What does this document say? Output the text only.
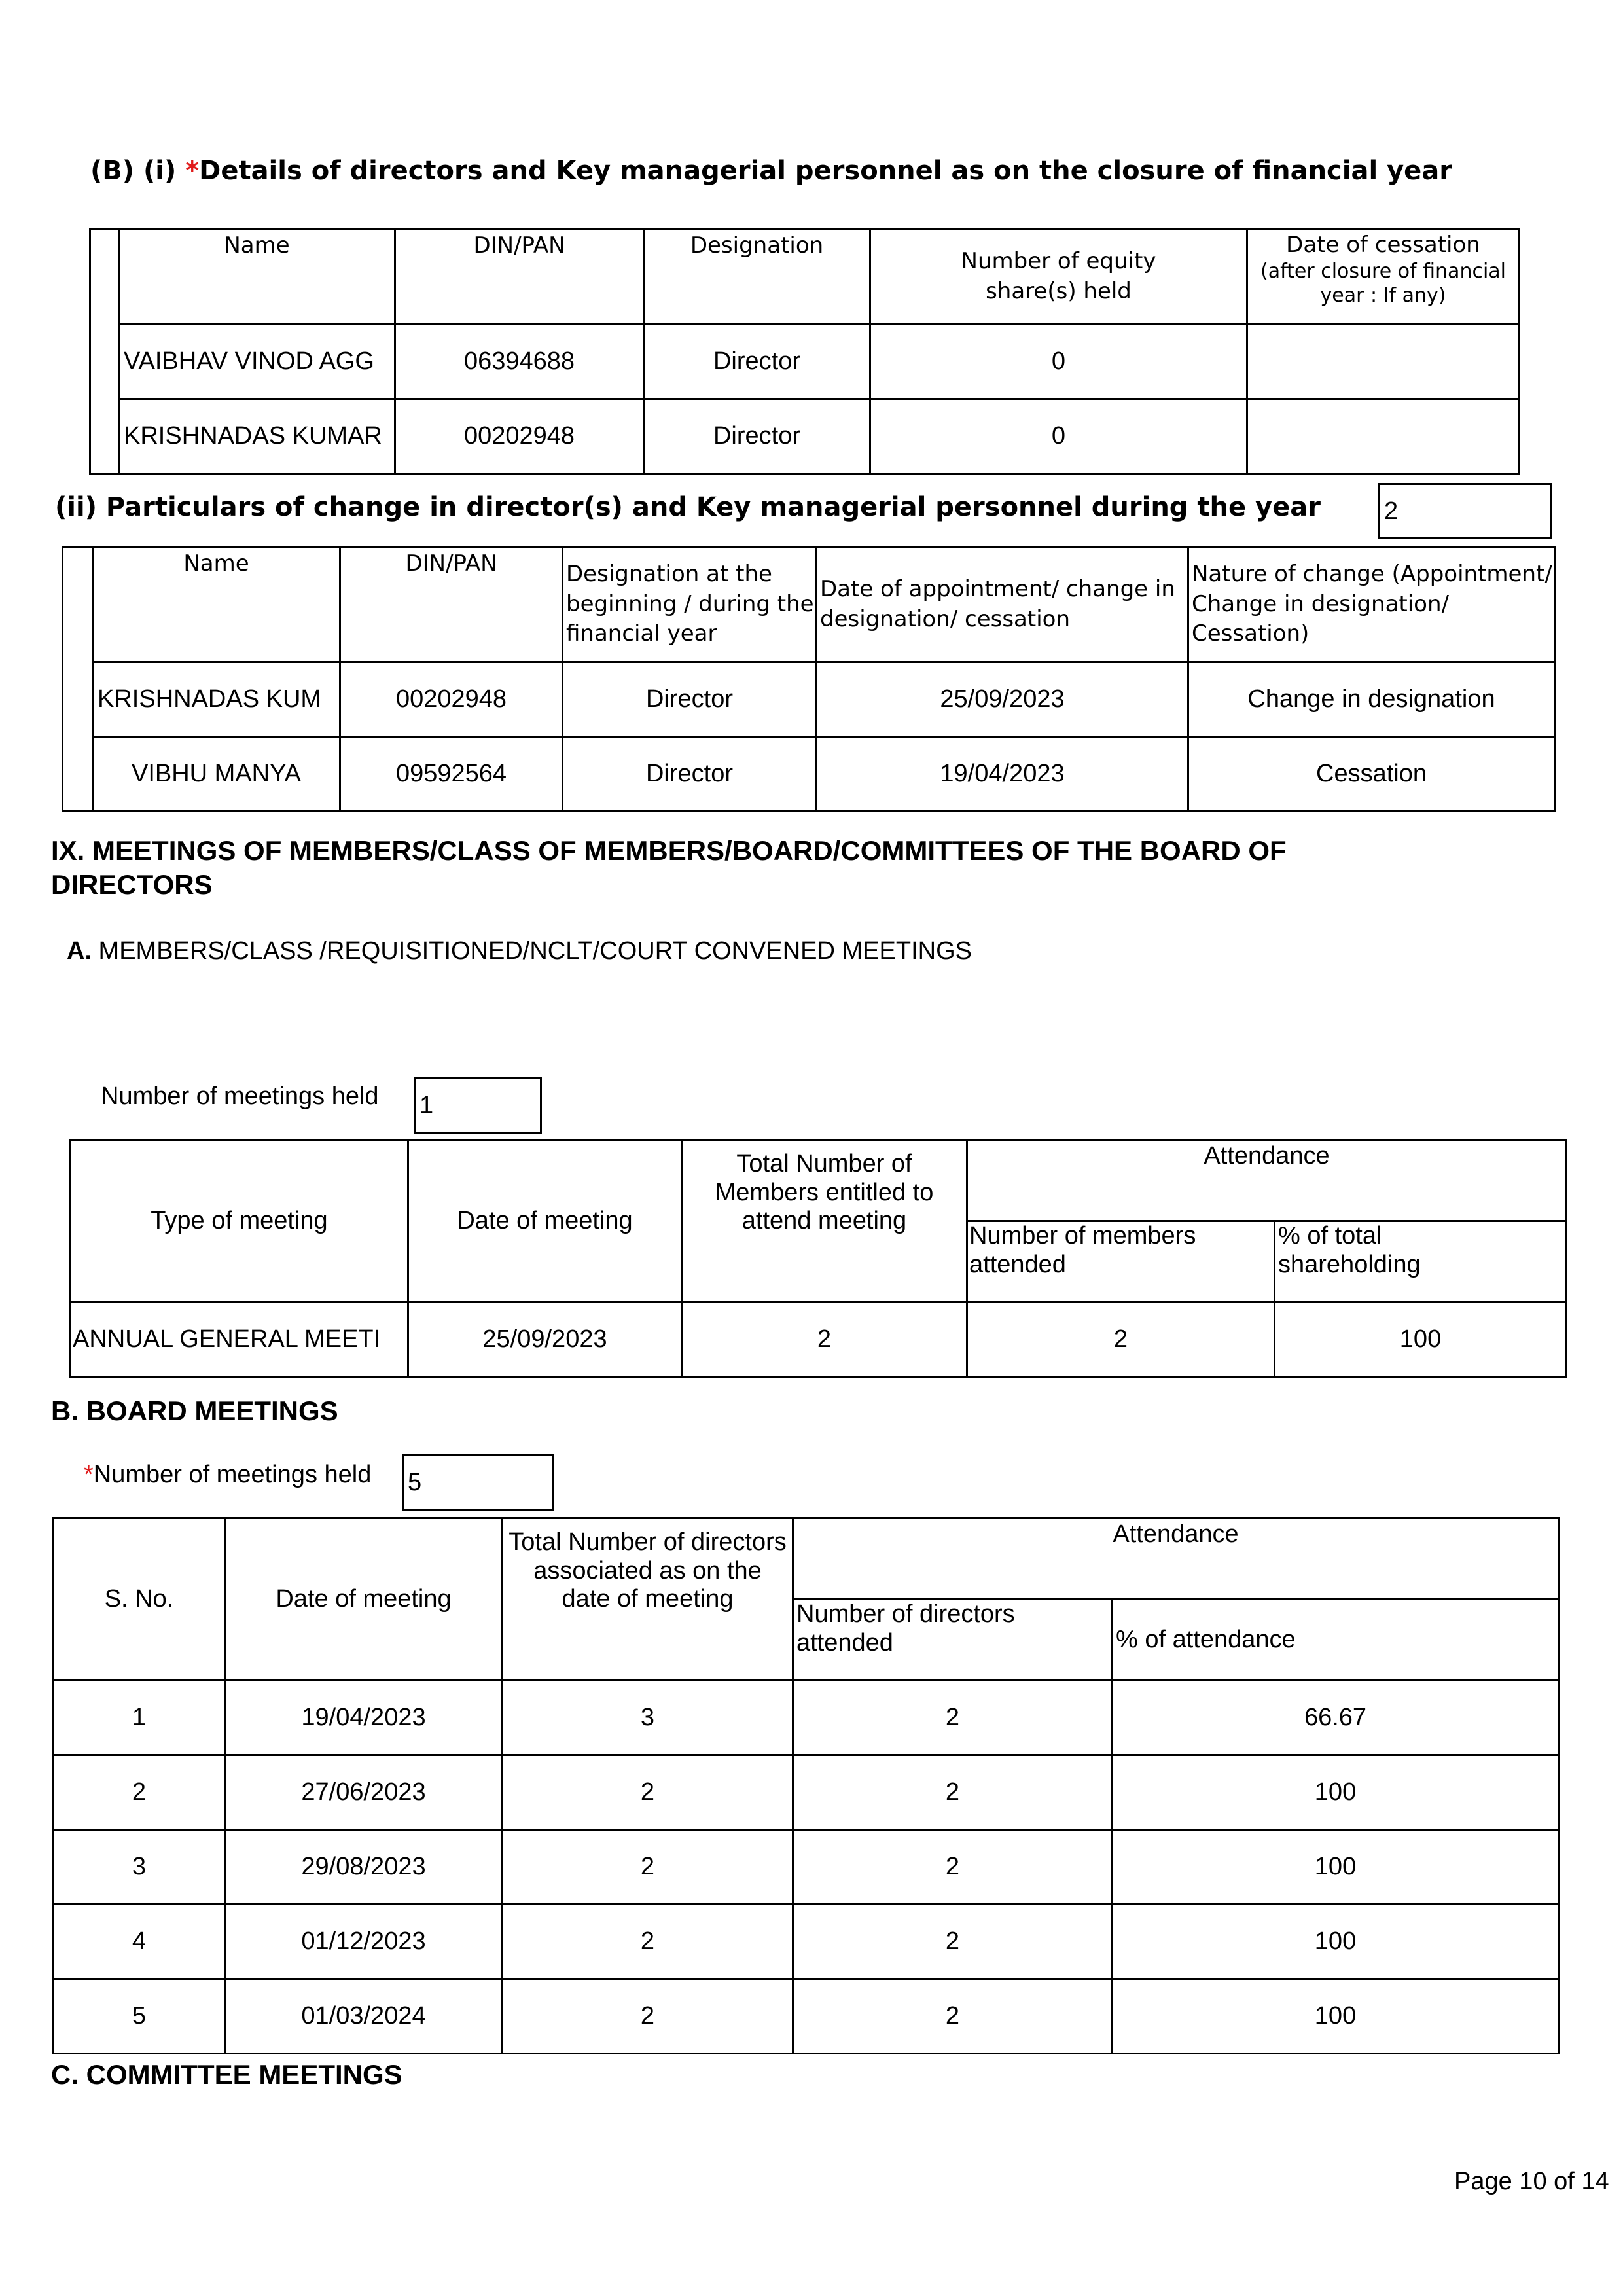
(B) (i) *Details of directors and Key managerial personnel as on the closure of financial year
	Name	DIN/PAN	Designation	Number of equity share(s) held	Date of cessation
(after closure of financial year : If any)

	VAIBHAV VINOD AGG	06394688	Director	0	
	KRISHNADAS KUMAR	00202948	Director	0	
(ii) Particulars of change in director(s) and Key managerial personnel during the year	2
	Name	DIN/PAN	Designation at the beginning / during the financial year	Date of appointment/ change in designation/ cessation	Nature of change (Appointment/ Change in designation/ Cessation)
	KRISHNADAS KUM	00202948	Director	25/09/2023	Change in designation
	VIBHU MANYA	09592564	Director	19/04/2023	Cessation
IX. MEETINGS OF MEMBERS/CLASS OF MEMBERS/BOARD/COMMITTEES OF THE BOARD OF
DIRECTORS
A. MEMBERS/CLASS /REQUISITIONED/NCLT/COURT CONVENED MEETINGS
Number of meetings held 1
Type of meeting	Date of meeting	Total Number of Members entitled to attend meeting	Attendance	
			Number of members attended	% of total shareholding
ANNUAL GENERAL MEETI	25/09/2023	2	2	100
B. BOARD MEETINGS
*Number of meetings held 5
S. No.	Date of meeting	Total Number of directors associated as on the date of meeting	Attendance	
			Number of directors attended	% of attendance
1	19/04/2023	3	2	66.67
2	27/06/2023	2	2	100
3	29/08/2023	2	2	100
4	01/12/2023	2	2	100
5	01/03/2024	2	2	100
C. COMMITTEE MEETINGS
Page 10 of 14
